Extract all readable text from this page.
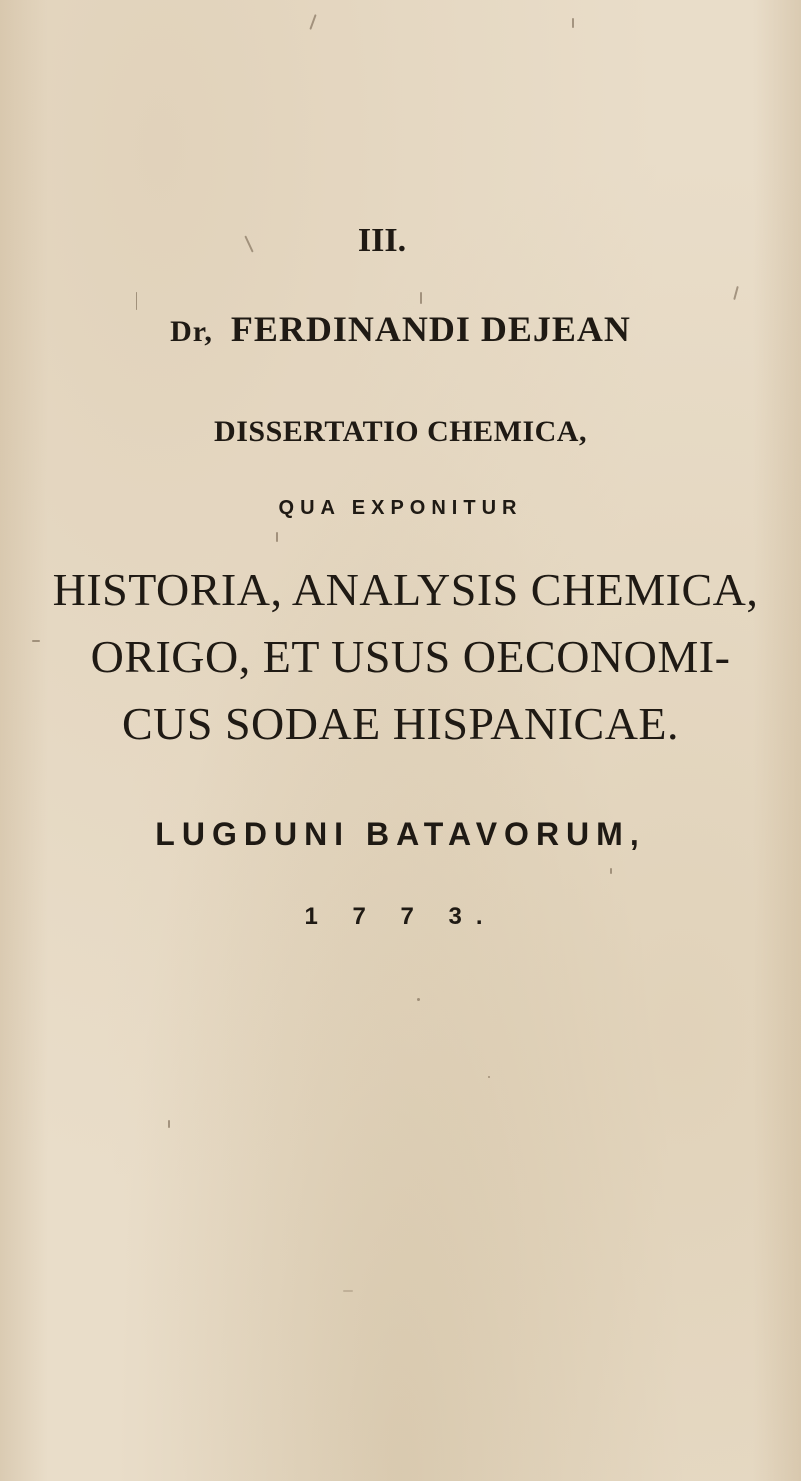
III.

Dr, FERDINANDI DEJEAN

DISSERTATIO CHEMICA,

QUA EXPONITUR

HISTORIA, ANALYSIS CHEMICA,

ORIGO, ET USUS OECONOMI-

CUS SODAE HISPANICAE.

LUGDUNI BATAVORUM,

1 7 7 3.
